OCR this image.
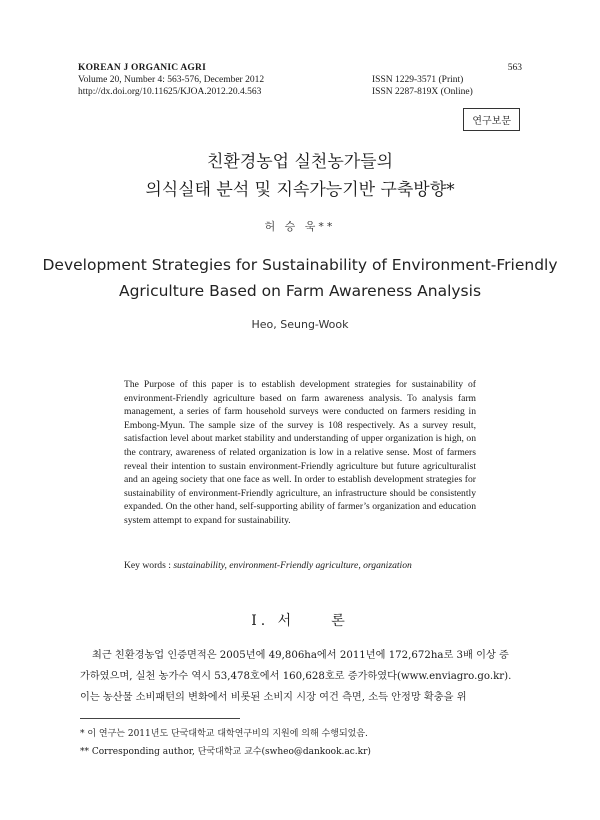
KOREAN J ORGANIC AGRI
Volume 20, Number 4: 563-576, December 2012
http://dx.doi.org/10.11625/KJOA.2012.20.4.563
563
ISSN 1229-3571 (Print)
ISSN 2287-819X (Online)
연구보문
친환경농업 실천농가들의
의식실태 분석 및 지속가능기반 구축방향*
허 승 욱**
Development Strategies for Sustainability of Environment-Friendly
Agriculture Based on Farm Awareness Analysis
Heo, Seung-Wook
The Purpose of this paper is to establish development strategies for sustainability of environment-Friendly agriculture based on farm awareness analysis. To analysis farm management, a series of farm household surveys were conducted on farmers residing in Embong-Myun. The sample size of the survey is 108 respectively. As a survey result, satisfaction level about market stability and understanding of upper organization is high, on the contrary, awareness of related organization is low in a relative sense. Most of farmers reveal their intention to sustain environment-Friendly agriculture but future agriculturalist and an ageing society that one face as well. In order to establish development strategies for sustainability of environment-Friendly agriculture, an infrastructure should be consistently expanded. On the other hand, self-supporting ability of farmer’s organization and education system attempt to expand for sustainability.
Key words : sustainability, environment-Friendly agriculture, organization
Ⅰ. 서　　론
최근 친환경농업 인증면적은 2005년에 49,806ha에서 2011년에 172,672ha로 3배 이상 증
가하였으며, 실천 농가수 역시 53,478호에서 160,628호로 증가하였다(www.enviagro.go.kr).
이는 농산물 소비패턴의 변화에서 비롯된 소비지 시장 여건 측면, 소득 안정망 확충을 위
* 이 연구는 2011년도 단국대학교 대학연구비의 지원에 의해 수행되었음.
** Corresponding author, 단국대학교 교수(swheo@dankook.ac.kr)
